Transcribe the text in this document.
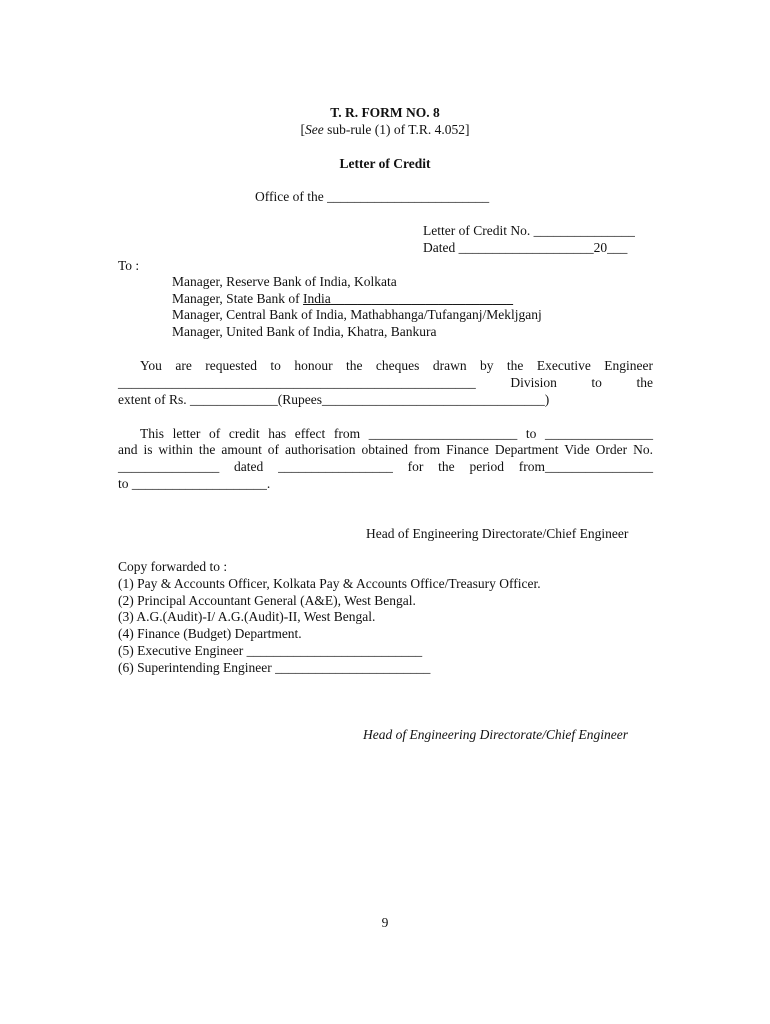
T. R. FORM NO. 8
[See sub-rule (1) of T.R. 4.052]
Letter of Credit
Office of the ________________________
Letter of Credit No. _______________
Dated ____________________20___
To :
Manager, Reserve Bank of India, Kolkata
Manager, State Bank of India___________________________
Manager, Central Bank of India, Mathabhanga/Tufanganj/Mekljganj
Manager, United Bank of India, Khatra, Bankura
You are requested to honour the cheques drawn by the Executive Engineer
_____________________________________________________ Division to the
extent of Rs. _____________(Rupees_________________________________)
This letter of credit has effect from ______________________ to ________________
and is within the amount of authorisation obtained from Finance Department Vide Order No.
_______________ dated _________________ for the period from________________
to ____________________.
Head of Engineering Directorate/Chief Engineer
Copy forwarded to :
(1) Pay & Accounts Officer, Kolkata Pay & Accounts Office/Treasury Officer.
(2) Principal Accountant General (A&E), West Bengal.
(3) A.G.(Audit)-I/ A.G.(Audit)-II, West Bengal.
(4) Finance (Budget) Department.
(5) Executive Engineer __________________________
(6) Superintending Engineer _______________________
Head of Engineering Directorate/Chief Engineer
9
